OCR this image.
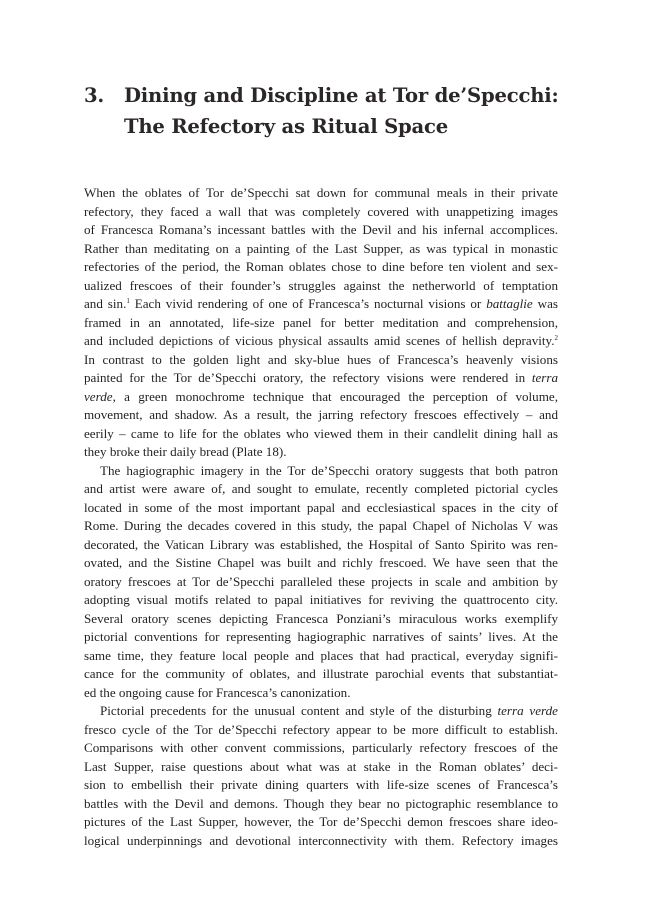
3.	Dining and Discipline at Tor de’Specchi:
The Refectory as Ritual Space
When the oblates of Tor de’Specchi sat down for communal meals in their private
refectory, they faced a wall that was completely covered with unappetizing images
of Francesca Romana’s incessant battles with the Devil and his infernal accomplices.
Rather than meditating on a painting of the Last Supper, as was typical in monastic
refectories of the period, the Roman oblates chose to dine before ten violent and sex-
ualized frescoes of their founder’s struggles against the netherworld of temptation
and sin.$^1$ Each vivid rendering of one of Francesca’s nocturnal visions or battaglie was
framed in an annotated, life-size panel for better meditation and comprehension,
and included depictions of vicious physical assaults amid scenes of hellish depravity.$^2$
In contrast to the golden light and sky-blue hues of Francesca’s heavenly visions
painted for the Tor de’Specchi oratory, the refectory visions were rendered in terra
verde, a green monochrome technique that encouraged the perception of volume,
movement, and shadow. As a result, the jarring refectory frescoes effectively – and
eerily – came to life for the oblates who viewed them in their candlelit dining hall as
they broke their daily bread (Plate 18).
The hagiographic imagery in the Tor de’Specchi oratory suggests that both patron
and artist were aware of, and sought to emulate, recently completed pictorial cycles
located in some of the most important papal and ecclesiastical spaces in the city of
Rome. During the decades covered in this study, the papal Chapel of Nicholas V was
decorated, the Vatican Library was established, the Hospital of Santo Spirito was ren-
ovated, and the Sistine Chapel was built and richly frescoed. We have seen that the
oratory frescoes at Tor de’Specchi paralleled these projects in scale and ambition by
adopting visual motifs related to papal initiatives for reviving the quattrocento city.
Several oratory scenes depicting Francesca Ponziani’s miraculous works exemplify
pictorial conventions for representing hagiographic narratives of saints’ lives. At the
same time, they feature local people and places that had practical, everyday signifi-
cance for the community of oblates, and illustrate parochial events that substantiat-
ed the ongoing cause for Francesca’s canonization.
Pictorial precedents for the unusual content and style of the disturbing terra verde
fresco cycle of the Tor de’Specchi refectory appear to be more difficult to establish.
Comparisons with other convent commissions, particularly refectory frescoes of the
Last Supper, raise questions about what was at stake in the Roman oblates’ deci-
sion to embellish their private dining quarters with life-size scenes of Francesca’s
battles with the Devil and demons. Though they bear no pictographic resemblance to
pictures of the Last Supper, however, the Tor de’Specchi demon frescoes share ideo-
logical underpinnings and devotional interconnectivity with them. Refectory images
